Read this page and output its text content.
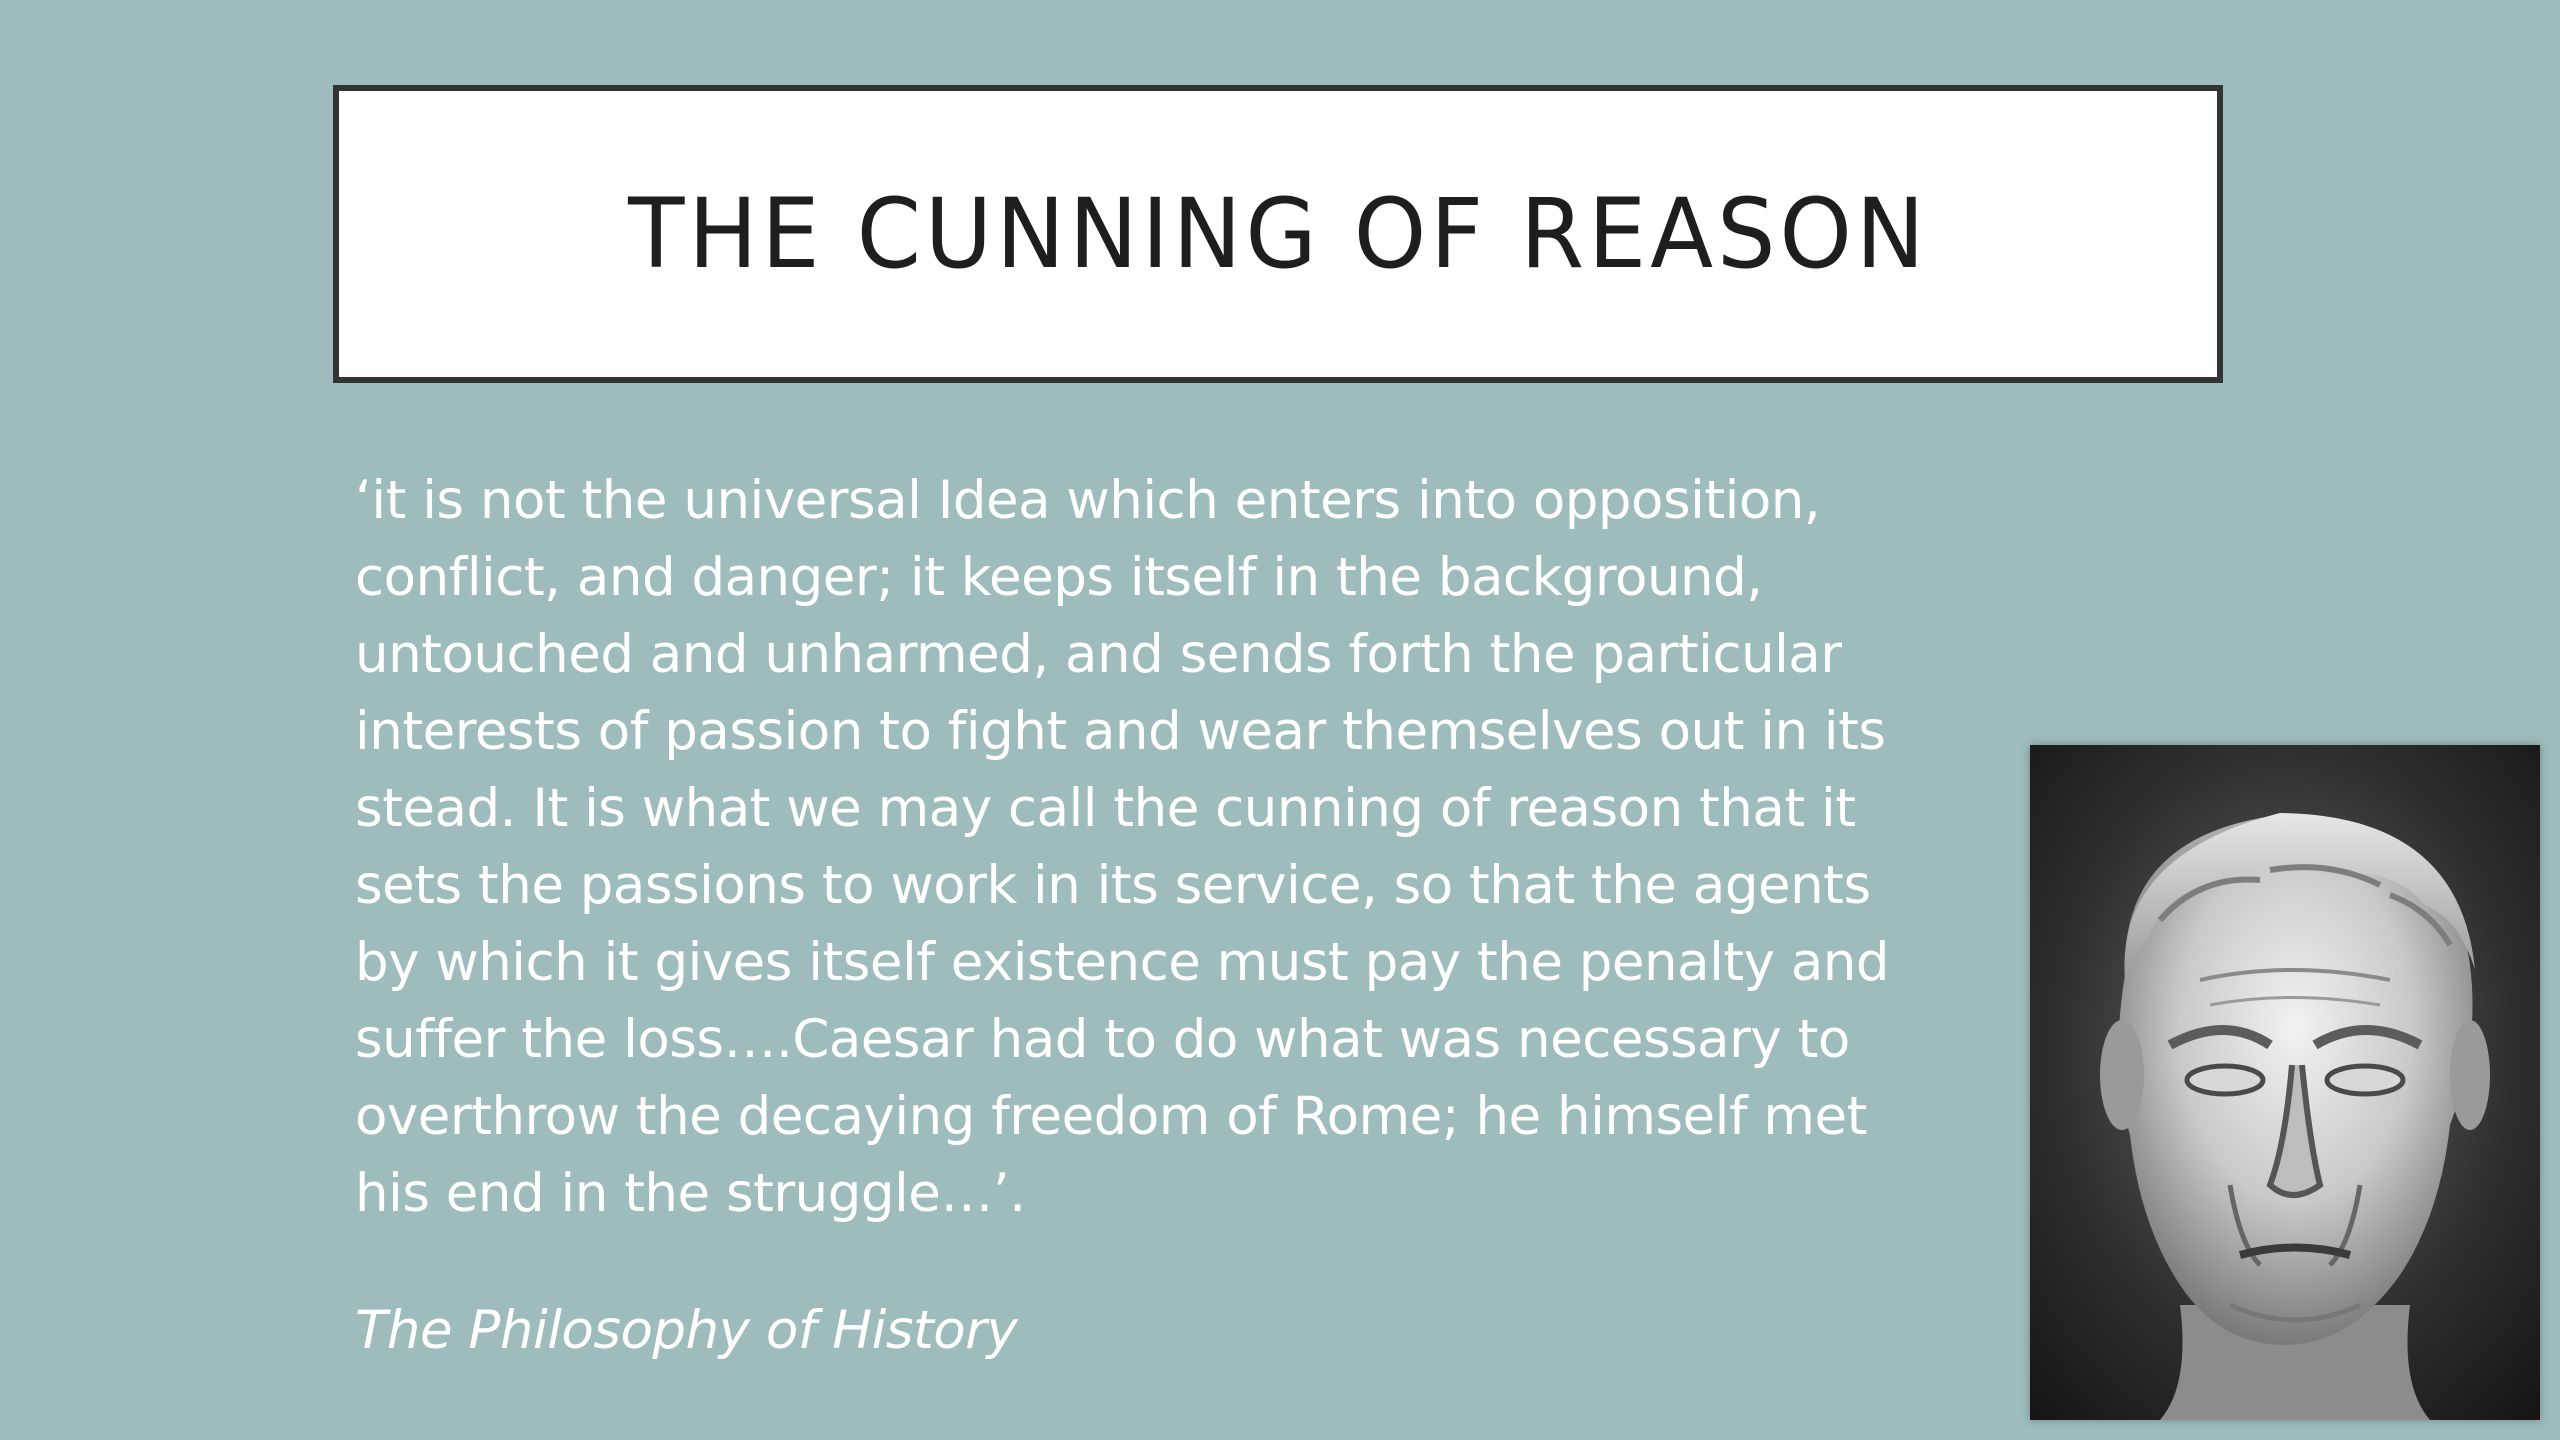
THE CUNNING OF REASON

‘it is not the universal Idea which enters into opposition,
conflict, and danger; it keeps itself in the background,
untouched and unharmed, and sends forth the particular
interests of passion to fight and wear themselves out in its
stead. It is what we may call the cunning of reason that it
sets the passions to work in its service, so that the agents
by which it gives itself existence must pay the penalty and
suffer the loss….Caesar had to do what was necessary to
overthrow the decaying freedom of Rome; he himself met
his end in the struggle…’.

The Philosophy of History
